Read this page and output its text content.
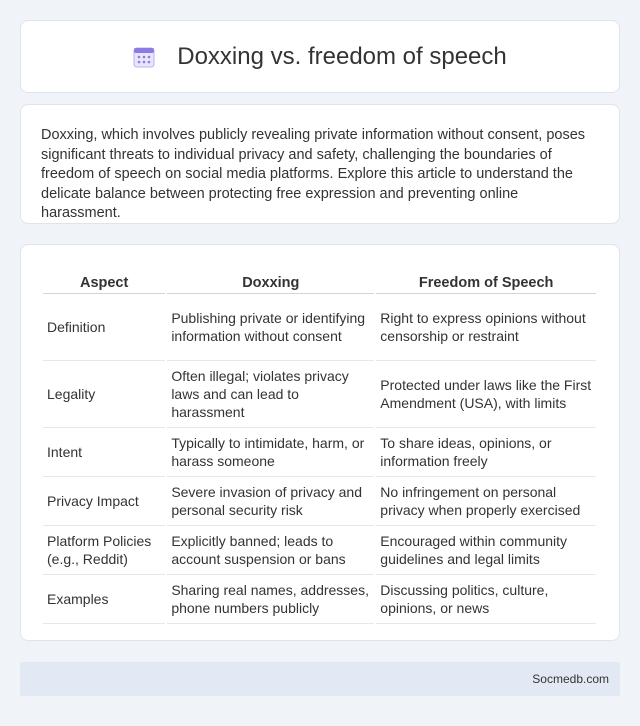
Doxxing vs. freedom of speech

Doxxing, which involves publicly revealing private information without consent, poses significant threats to individual privacy and safety, challenging the boundaries of freedom of speech on social media platforms. Explore this article to understand the delicate balance between protecting free expression and preventing online harassment.

Aspect	Doxxing	Freedom of Speech
Definition	Publishing private or identifying information without consent	Right to express opinions without censorship or restraint
Legality	Often illegal; violates privacy laws and can lead to harassment	Protected under laws like the First Amendment (USA), with limits
Intent	Typically to intimidate, harm, or harass someone	To share ideas, opinions, or information freely
Privacy Impact	Severe invasion of privacy and personal security risk	No infringement on personal privacy when properly exercised
Platform Policies (e.g., Reddit)	Explicitly banned; leads to account suspension or bans	Encouraged within community guidelines and legal limits
Examples	Sharing real names, addresses, phone numbers publicly	Discussing politics, culture, opinions, or news
Socmedb.com
